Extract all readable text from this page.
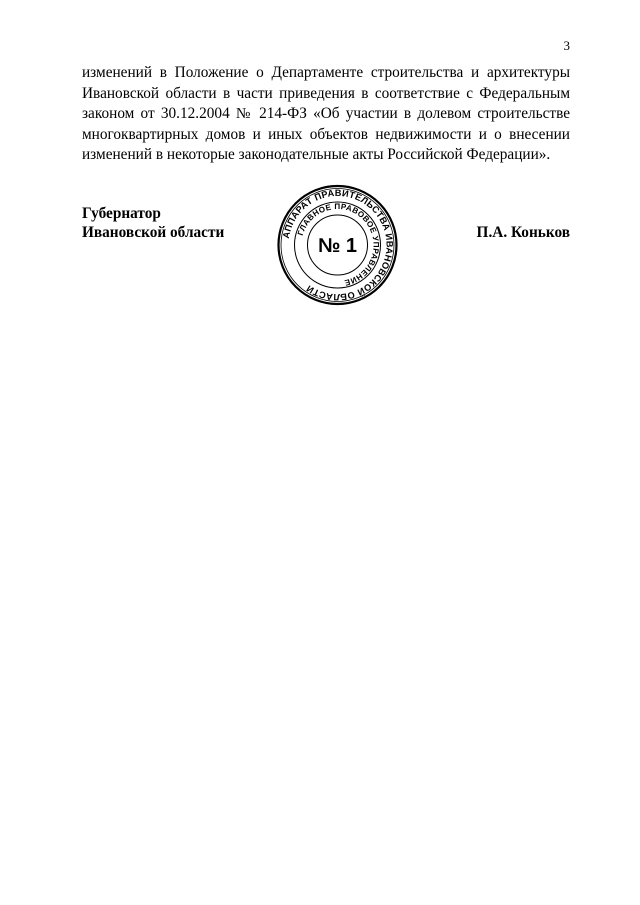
3

изменений в Положение о Департаменте строительства и архитектуры
Ивановской области в части приведения в соответствие с Федеральным
законом от 30.12.2004 № 214-ФЗ «Об участии в долевом строительстве
многоквартирных домов и иных объектов недвижимости и о внесении
изменений в некоторые законодательные акты Российской Федерации».

Губернатор
Ивановской области	АППАРАТ ПРАВИТЕЛЬСТВА ИВАНОВСКОЙ ОБЛАСТИ
ГЛАВНОЕ ПРАВОВОЕ УПРАВЛЕНИЕ
№ 1
П.А. Коньков
